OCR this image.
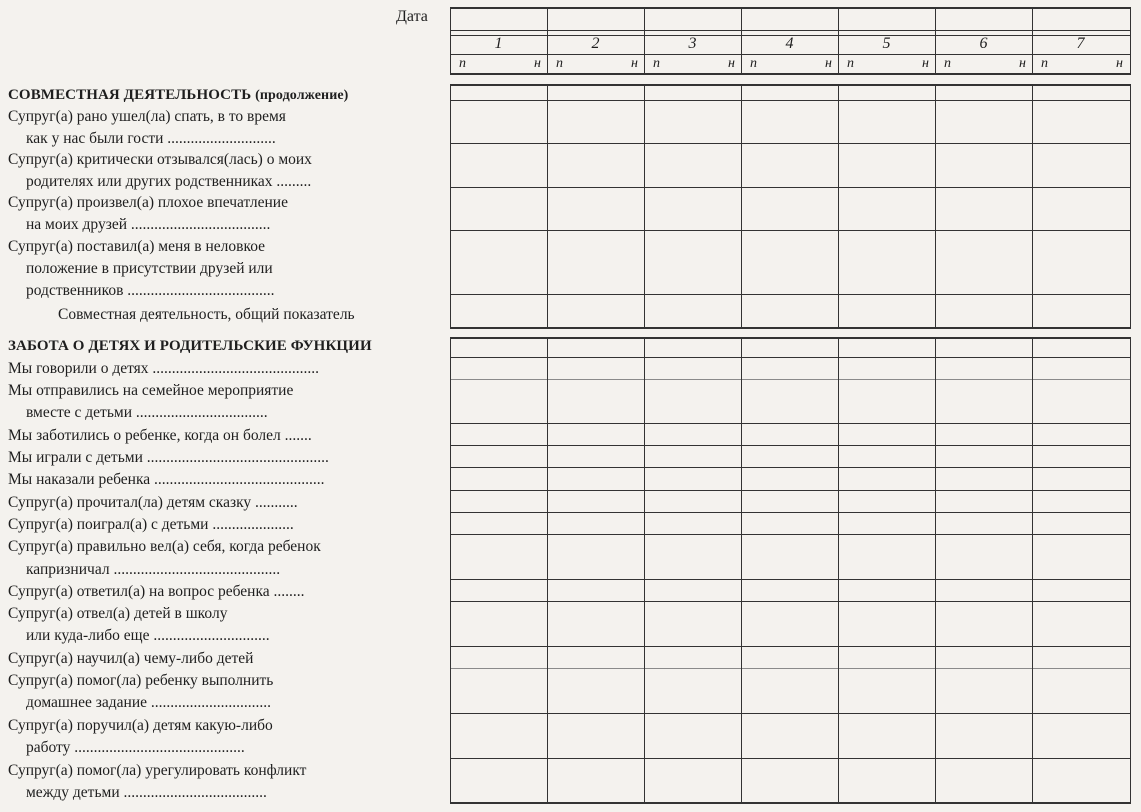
Дата
СОВМЕСТНАЯ ДЕЯТЕЛЬНОСТЬ (продолжение)
Супруг(а) рано ушел(ла) спать, в то время
как у нас были гости ............................
Супруг(а) критически отзывался(лась) о моих
родителях или других родственниках .........
Супруг(а) произвел(а) плохое впечатление
на моих друзей ....................................
Супруг(а) поставил(а) меня в неловкое
положение в присутствии друзей или
родственников ......................................
Совместная деятельность, общий показатель
ЗАБОТА О ДЕТЯХ И РОДИТЕЛЬСКИЕ ФУНКЦИИ
Мы говорили о детях ...........................................
Мы отправились на семейное мероприятие
вместе с детьми ..................................
Мы заботились о ребенке, когда он болел .......
Мы играли с детьми ...............................................
Мы наказали ребенка ............................................
Супруг(а) прочитал(ла) детям сказку ...........
Супруг(а) поиграл(а) с детьми .....................
Супруг(а) правильно вел(а) себя, когда ребенок
капризничал ...........................................
Супруг(а) ответил(а) на вопрос ребенка ........
Супруг(а) отвел(а) детей в школу
или куда-либо еще ..............................
Супруг(а) научил(а) чему-либо детей
Супруг(а) помог(ла) ребенку выполнить
домашнее задание ...............................
Супруг(а) поручил(а) детям какую-либо
работу ............................................
Супруг(а) помог(ла) урегулировать конфликт
между детьми .....................................
1	2	3	4	5	6	7
п	н п	н п	н п	н п	н п	н п	н
